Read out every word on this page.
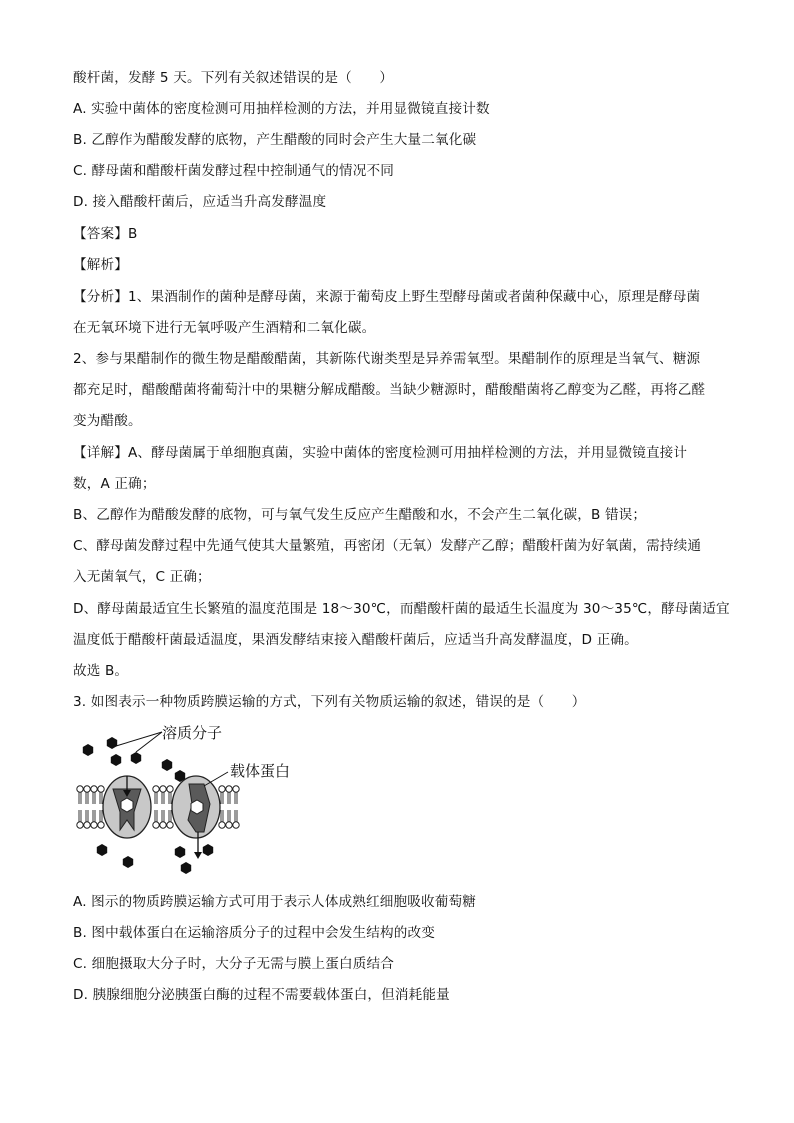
酸杆菌，发酵 5 天。下列有关叙述错误的是（　　）
A. 实验中菌体的密度检测可用抽样检测的方法，并用显微镜直接计数
B. 乙醇作为醋酸发酵的底物，产生醋酸的同时会产生大量二氧化碳
C. 酵母菌和醋酸杆菌发酵过程中控制通气的情况不同
D. 接入醋酸杆菌后，应适当升高发酵温度
【答案】B
【解析】
【分析】1、果酒制作的菌种是酵母菌，来源于葡萄皮上野生型酵母菌或者菌种保藏中心，原理是酵母菌
在无氧环境下进行无氧呼吸产生酒精和二氧化碳。
2、参与果醋制作的微生物是醋酸醋菌，其新陈代谢类型是异养需氧型。果醋制作的原理是当氧气、糖源
都充足时，醋酸醋菌将葡萄汁中的果糖分解成醋酸。当缺少糖源时，醋酸醋菌将乙醇变为乙醛，再将乙醛
变为醋酸。
【详解】A、酵母菌属于单细胞真菌，实验中菌体的密度检测可用抽样检测的方法，并用显微镜直接计
数，A 正确；
B、乙醇作为醋酸发酵的底物，可与氧气发生反应产生醋酸和水，不会产生二氧化碳，B 错误；
C、酵母菌发酵过程中先通气使其大量繁殖，再密闭（无氧）发酵产乙醇；醋酸杆菌为好氧菌，需持续通
入无菌氧气，C 正确；
D、酵母菌最适宜生长繁殖的温度范围是 18～30℃，而醋酸杆菌的最适生长温度为 30～35℃，酵母菌适宜
温度低于醋酸杆菌最适温度，果酒发酵结束接入醋酸杆菌后，应适当升高发酵温度，D 正确。
故选 B。
3. 如图表示一种物质跨膜运输的方式，下列有关物质运输的叙述，错误的是（　　）
溶质分子
载体蛋白
A. 图示的物质跨膜运输方式可用于表示人体成熟红细胞吸收葡萄糖
B. 图中载体蛋白在运输溶质分子的过程中会发生结构的改变
C. 细胞摄取大分子时，大分子无需与膜上蛋白质结合
D. 胰腺细胞分泌胰蛋白酶的过程不需要载体蛋白，但消耗能量
